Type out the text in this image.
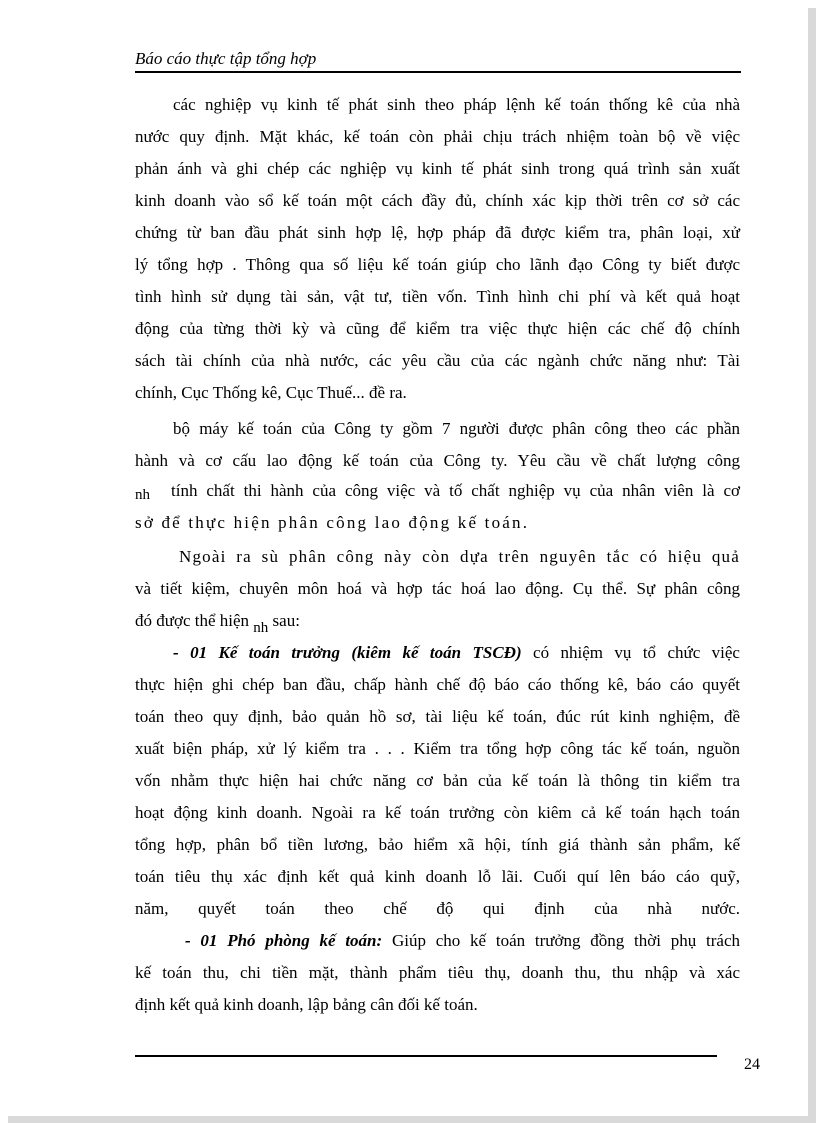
Báo cáo thực tập tổng hợp
các nghiệp vụ kinh tế phát sinh theo pháp lệnh kế toán thống kê của nhà
nước quy định. Mặt khác, kế toán còn phải chịu trách nhiệm toàn bộ về việc
phản ánh và ghi chép các nghiệp vụ kinh tế phát sinh trong quá trình sản xuất
kinh doanh vào sổ kế toán một cách đầy đủ, chính xác kịp thời trên cơ sở các
chứng từ ban đầu phát sinh hợp lệ, hợp pháp đã được kiểm tra, phân loại, xử
lý tổng hợp . Thông qua số liệu kế toán giúp cho lãnh đạo Công ty biết được
tình hình sử dụng tài sản, vật tư, tiền vốn. Tình hình chi phí và kết quả hoạt
động của từng thời kỳ và cũng để kiểm tra việc thực hiện các chế độ chính
sách tài chính của nhà nước, các yêu cầu của các ngành chức năng như: Tài
chính, Cục Thống kê, Cục Thuế... đề ra.
bộ máy kế toán của Công ty gồm 7 người được phân công theo các phần
hành và cơ cấu lao động kế toán của Công ty. Yêu cầu về chất lượng công
nh tính chất thi hành của công việc và tố chất nghiệp vụ của nhân viên là cơ
sở để thực hiện phân công lao động kế toán.
Ngoài ra sù phân công này còn dựa trên nguyên tắc có hiệu quả
và tiết kiệm, chuyên môn hoá và hợp tác hoá lao động. Cụ thể. Sự phân công
đó được thể hiện nh sau:
- 01 Kế toán trưởng (kiêm kế toán TSCĐ) có nhiệm vụ tổ chức việc
thực hiện ghi chép ban đầu, chấp hành chế độ báo cáo thống kê, báo cáo quyết
toán theo quy định, bảo quản hồ sơ, tài liệu kế toán, đúc rút kinh nghiệm, đề
xuất biện pháp, xử lý kiểm tra . . . Kiểm tra tổng hợp công tác kế toán, nguồn
vốn nhằm thực hiện hai chức năng cơ bản của kế toán là thông tin kiểm tra
hoạt động kinh doanh. Ngoài ra kế toán trưởng còn kiêm cả kế toán hạch toán
tổng hợp, phân bổ tiền lương, bảo hiểm xã hội, tính giá thành sản phẩm, kế
toán tiêu thụ xác định kết quả kinh doanh lỗ lãi. Cuối quí lên báo cáo quỹ,
năm, quyết toán theo chế độ qui định của nhà nước.
- 01 Phó phòng kế toán: Giúp cho kế toán trưởng đồng thời phụ trách
kế toán thu, chi tiền mặt, thành phẩm tiêu thụ, doanh thu, thu nhập và xác
định kết quả kinh doanh, lập bảng cân đối kế toán.
24
